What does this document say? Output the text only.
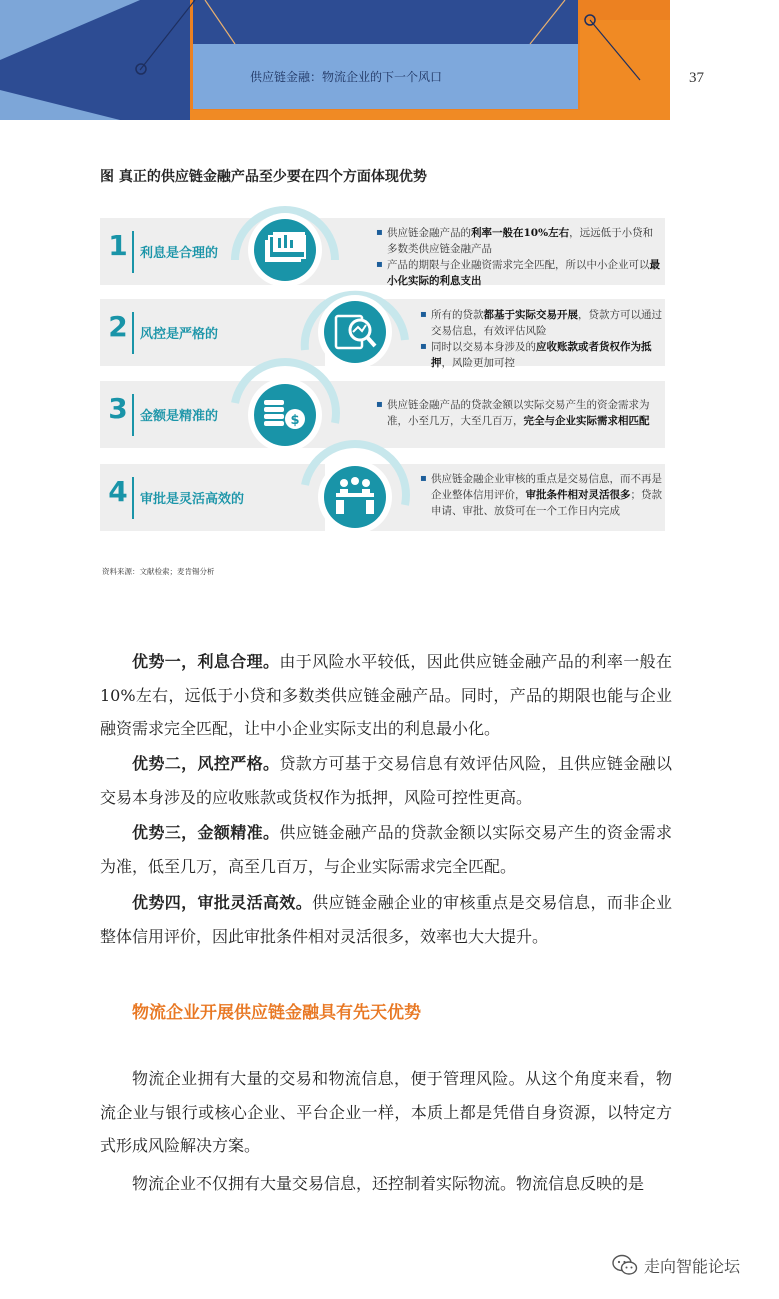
供应链金融：物流企业的下一个风口	37
图 真正的供应链金融产品至少要在四个方面体现优势
1 利息是合理的
2 风控是严格的
3 金额是精准的
4 审批是灵活高效的
$
▪ 供应链金融产品的利率一般在10%左右，远远低于小贷和多数类供应链金融产品
▪ 产品的期限与企业融资需求完全匹配，所以中小企业可以最小化实际的利息支出
▪ 所有的贷款都基于实际交易开展，贷款方可以通过交易信息，有效评估风险
▪ 同时以交易本身涉及的应收账款或者货权作为抵押，风险更加可控
▪ 供应链金融产品的贷款金额以实际交易产生的资金需求为准，小至几万，大至几百万，完全与企业实际需求相匹配
▪ 供应链金融企业审核的重点是交易信息，而不再是企业整体信用评价，审批条件相对灵活很多；贷款申请、审批、放贷可在一个工作日内完成
资料来源：文献检索；麦肯锡分析
优势一，利息合理。由于风险水平较低，因此供应链金融产品的利率一般在10%左右，远低于小贷和多数类供应链金融产品。同时，产品的期限也能与企业融资需求完全匹配，让中小企业实际支出的利息最小化。
优势二，风控严格。贷款方可基于交易信息有效评估风险，且供应链金融以交易本身涉及的应收账款或货权作为抵押，风险可控性更高。
优势三，金额精准。供应链金融产品的贷款金额以实际交易产生的资金需求为准，低至几万，高至几百万，与企业实际需求完全匹配。
优势四，审批灵活高效。供应链金融企业的审核重点是交易信息，而非企业整体信用评价，因此审批条件相对灵活很多，效率也大大提升。
物流企业开展供应链金融具有先天优势
物流企业拥有大量的交易和物流信息，便于管理风险。从这个角度来看，物流企业与银行或核心企业、平台企业一样，本质上都是凭借自身资源，以特定方式形成风险解决方案。
物流企业不仅拥有大量交易信息，还控制着实际物流。物流信息反映的是
走向智能论坛
